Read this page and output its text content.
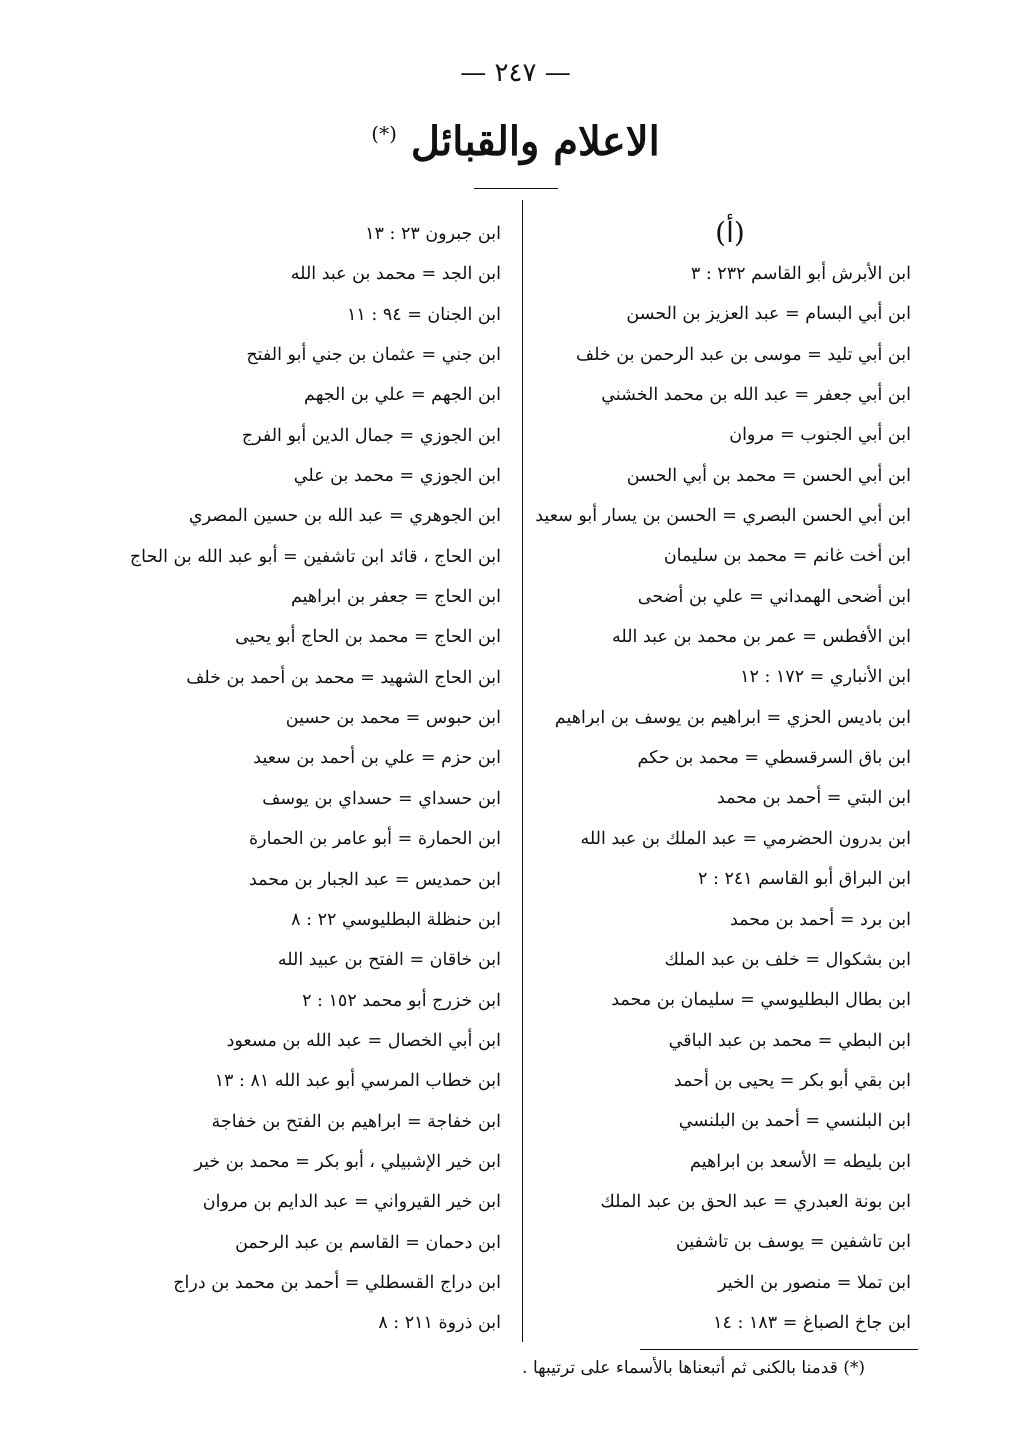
— ٢٤٧ —
الاعلام والقبائل (*)
(أ)
ابن الأبرش أبو القاسم ٢٣٢ : ٣
ابن أبي البسام = عبد العزيز بن الحسن
ابن أبي تليد = موسى بن عبد الرحمن بن خلف
ابن أبي جعفر = عبد الله بن محمد الخشني
ابن أبي الجنوب = مروان
ابن أبي الحسن = محمد بن أبي الحسن
ابن أبي الحسن البصري = الحسن بن يسار أبو سعيد
ابن أخت غانم = محمد بن سليمان
ابن أضحى الهمداني = علي بن أضحى
ابن الأفطس = عمر بن محمد بن عبد الله
ابن الأنباري = ١٧٢ : ١٢
ابن باديس الحزي = ابراهيم بن يوسف بن ابراهيم
ابن باق السرقسطي = محمد بن حكم
ابن البتي = أحمد بن محمد
ابن بدرون الحضرمي = عبد الملك بن عبد الله
ابن البراق أبو القاسم ٢٤١ : ٢
ابن برد = أحمد بن محمد
ابن بشكوال = خلف بن عبد الملك
ابن بطال البطليوسي = سليمان بن محمد
ابن البطي = محمد بن عبد الباقي
ابن بقي أبو بكر = يحيى بن أحمد
ابن البلنسي = أحمد بن البلنسي
ابن بليطه = الأسعد بن ابراهيم
ابن بونة العبدري = عبد الحق بن عبد الملك
ابن تاشفين = يوسف بن تاشفين
ابن تملا = منصور بن الخير
ابن جاخ الصباغ = ١٨٣ : ١٤
ابن جبرون ٢٣ : ١٣
ابن الجد = محمد بن عبد الله
ابن الجنان = ٩٤ : ١١
ابن جني = عثمان بن جني أبو الفتح
ابن الجهم = علي بن الجهم
ابن الجوزي = جمال الدين أبو الفرج
ابن الجوزي = محمد بن علي
ابن الجوهري = عبد الله بن حسين المصري
ابن الحاج ، قائد ابن تاشفين = أبو عبد الله بن الحاج
ابن الحاج = جعفر بن ابراهيم
ابن الحاج = محمد بن الحاج أبو يحيى
ابن الحاج الشهيد = محمد بن أحمد بن خلف
ابن حبوس = محمد بن حسين
ابن حزم = علي بن أحمد بن سعيد
ابن حسداي = حسداي بن يوسف
ابن الحمارة = أبو عامر بن الحمارة
ابن حمديس = عبد الجبار بن محمد
ابن حنظلة البطليوسي ٢٢ : ٨
ابن خاقان = الفتح بن عبيد الله
ابن خزرج أبو محمد ١٥٢ : ٢
ابن أبي الخصال = عبد الله بن مسعود
ابن خطاب المرسي أبو عبد الله ٨١ : ١٣
ابن خفاجة = ابراهيم بن الفتح بن خفاجة
ابن خير الإشبيلي ، أبو بكر = محمد بن خير
ابن خير القيرواني = عبد الدايم بن مروان
ابن دحمان = القاسم بن عبد الرحمن
ابن دراج القسطلي = أحمد بن محمد بن دراج
ابن ذروة ٢١١ : ٨
(*) قدمنا بالكنى ثم أتبعناها بالأسماء على ترتيبها .
